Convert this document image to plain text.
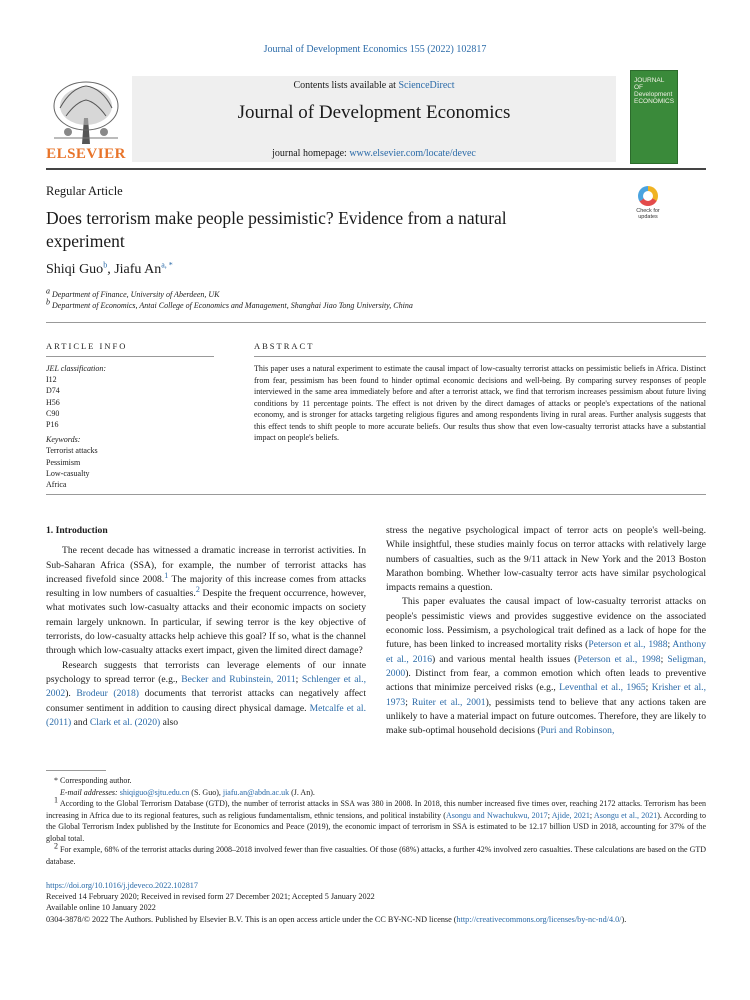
Journal of Development Economics 155 (2022) 102817
ELSEVIER
Contents lists available at ScienceDirect
Journal of Development Economics
journal homepage: www.elsevier.com/locate/devec
JOURNAL OF Development ECONOMICS
Regular Article
Does terrorism make people pessimistic? Evidence from a natural experiment
Check for updates
Shiqi Guo$^b$, Jiafu $An^{a, *}$
$^a$ Department of Finance, University of Aberdeen, UK
$^b$ Department of Economics, Antai College of Economics and Management, Shanghai Jiao Tong University, China
ARTICLE INFO	ABSTRACT
JEL classification:
I12
D74
H56
C90
P16
Keywords:
Terrorist attacks
Pessimism
Low-casualty
Africa
This paper uses a natural experiment to estimate the causal impact of low-casualty terrorist attacks on pessimistic beliefs in Africa. Distinct from fear, pessimism has been found to hinder optimal economic decisions and well-being. By comparing survey responses of people interviewed in the same area immediately before and after a terrorist attack, we find that terrorism increases pessimism about future living conditions by 11 percentage points. The effect is not driven by the direct damages of attacks or people's expectations of the national economy, and is stronger for attacks targeting religious figures and among respondents living in rural areas. Further analysis suggests that this effect tends to shift people to more accurate beliefs. Our results thus show that even low-casualty terrorist attacks have a substantial impact on people's beliefs.
1. Introduction

The recent decade has witnessed a dramatic increase in terrorist activities. In Sub-Saharan Africa (SSA), for example, the number of terrorist attacks has increased fivefold since 2008.$^1$ The majority of this increase comes from attacks resulting in low numbers of casualties.$^2$ Despite the frequent occurrence, however, what motivates such low-casualty attacks and their economic impacts on society remain largely unknown. In particular, if sewing terror is the key objective of terrorists, do low-casualty attacks help achieve this goal? If so, what is the channel through which low-casualty attacks exert impact, given the limited direct damage?

Research suggests that terrorists can leverage elements of our innate psychology to spread terror (e.g., Becker and Rubinstein, 2011; Schlenger et al., 2002). Brodeur (2018) documents that terrorist attacks can negatively affect consumer sentiment in addition to causing direct physical damage. Metcalfe et al. (2011) and Clark et al. (2020) also

stress the negative psychological impact of terror acts on people's well-being. While insightful, these studies mainly focus on terror attacks with relatively large numbers of casualties, such as the 9/11 attack in New York and the 2013 Boston Marathon bombing. Whether low-casualty terror acts have similar psychological impacts remains a question.

This paper evaluates the causal impact of low-casualty terrorist attacks on people's pessimistic views and provides suggestive evidence on the associated economic loss. Pessimism, a psychological trait defined as a lack of hope for the future, has been linked to increased mortality risks (Peterson et al., 1988; Anthony et al., 2016) and various mental health issues (Peterson et al., 1998; Seligman, 2000). Distinct from fear, a common emotion which often leads to preventive actions that minimize perceived risks (e.g., Leventhal et al., 1965; Krisher et al., 1973; Ruiter et al., 2001), pessimists tend to believe that any actions taken are unlikely to have a material impact on future outcomes. Therefore, they are likely to make sub-optimal household decisions (Puri and Robinson,

* Corresponding author.

E-mail addresses: shiqiguo@sjtu.edu.cn (S. Guo), jiafu.an@abdn.ac.uk (J. An).

$^1$ According to the Global Terrorism Database (GTD), the number of terrorist attacks in SSA was 380 in 2008. In 2018, this number increased five times over, reaching 2172 attacks. Terrorism has been increasing in Africa due to its regional features, such as religious fundamentalism, ethnic tensions, and political instability (Asongu and Nwachukwu, 2017; Ajide, 2021; Asongu et al., 2021). According to the Global Terrorism Index published by the Institute for Economics and Peace (2019), the economic impact of terrorism in SSA is estimated to be 12.17 billion USD in 2018, accounting for 37% of the global total.

$^2$ For example, 68% of the terrorist attacks during 2008–2018 involved fewer than five casualties. Of those (68%) attacks, a further 42% involved zero casualties. These calculations are based on the GTD database.

https://doi.org/10.1016/j.jdeveco.2022.102817

Received 14 February 2020; Received in revised form 27 December 2021; Accepted 5 January 2022

Available online 10 January 2022

0304-3878/© 2022 The Authors. Published by Elsevier B.V. This is an open access article under the CC BY-NC-ND license (http://creativecommons.org/licenses/by-nc-nd/4.0/).
